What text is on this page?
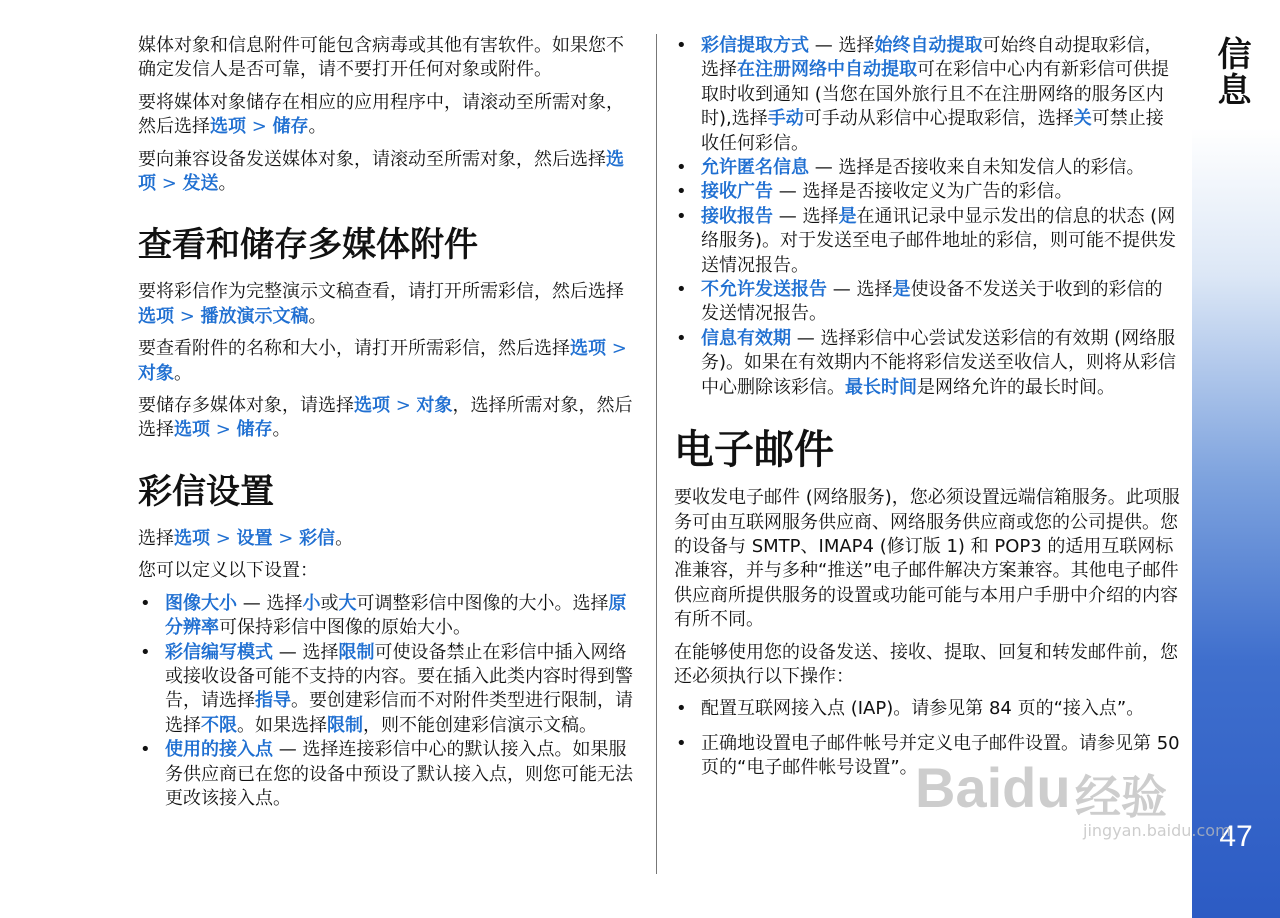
媒体对象和信息附件可能包含病毒或其他有害软件。如果您不确定发信人是否可靠，请不要打开任何对象或附件。

要将媒体对象储存在相应的应用程序中，请滚动至所需对象，然后选择选项 > 储存。

要向兼容设备发送媒体对象，请滚动至所需对象，然后选择选项 > 发送。

查看和储存多媒体附件

要将彩信作为完整演示文稿查看，请打开所需彩信，然后选择选项 > 播放演示文稿。

要查看附件的名称和大小，请打开所需彩信，然后选择选项 > 对象。

要储存多媒体对象，请选择选项 > 对象，选择所需对象，然后选择选项 > 储存。

彩信设置

选择选项 > 设置 > 彩信。

您可以定义以下设置：

• 图像大小 — 选择小或大可调整彩信中图像的大小。选择原分辨率可保持彩信中图像的原始大小。
• 彩信编写模式 — 选择限制可使设备禁止在彩信中插入网络或接收设备可能不支持的内容。要在插入此类内容时得到警告，请选择指导。要创建彩信而不对附件类型进行限制，请选择不限。如果选择限制，则不能创建彩信演示文稿。
• 使用的接入点 — 选择连接彩信中心的默认接入点。如果服务供应商已在您的设备中预设了默认接入点，则您可能无法更改该接入点。
• 彩信提取方式 — 选择始终自动提取可始终自动提取彩信，选择在注册网络中自动提取可在彩信中心内有新彩信可供提取时收到通知 (当您在国外旅行且不在注册网络的服务区内时),选择手动可手动从彩信中心提取彩信，选择关可禁止接收任何彩信。
• 允许匿名信息 — 选择是否接收来自未知发信人的彩信。
• 接收广告 — 选择是否接收定义为广告的彩信。
• 接收报告 — 选择是在通讯记录中显示发出的信息的状态 (网络服务)。对于发送至电子邮件地址的彩信，则可能不提供发送情况报告。
• 不允许发送报告 — 选择是使设备不发送关于收到的彩信的发送情况报告。
• 信息有效期 — 选择彩信中心尝试发送彩信的有效期 (网络服务)。如果在有效期内不能将彩信发送至收信人，则将从彩信中心删除该彩信。最长时间是网络允许的最长时间。
电子邮件

要收发电子邮件 (网络服务)，您必须设置远端信箱服务。此项服务可由互联网服务供应商、网络服务供应商或您的公司提供。您的设备与 SMTP、IMAP4 (修订版 1) 和 POP3 的适用互联网标准兼容，并与多种“推送”电子邮件解决方案兼容。其他电子邮件供应商所提供服务的设置或功能可能与本用户手册中介绍的内容有所不同。

在能够使用您的设备发送、接收、提取、回复和转发邮件前，您还必须执行以下操作：

• 配置互联网接入点 (IAP)。请参见第 84 页的“接入点”。
• 正确地设置电子邮件帐号并定义电子邮件设置。请参见第 50 页的“电子邮件帐号设置”。
信息
47
Baidu 经验
jingyan.baidu.com
